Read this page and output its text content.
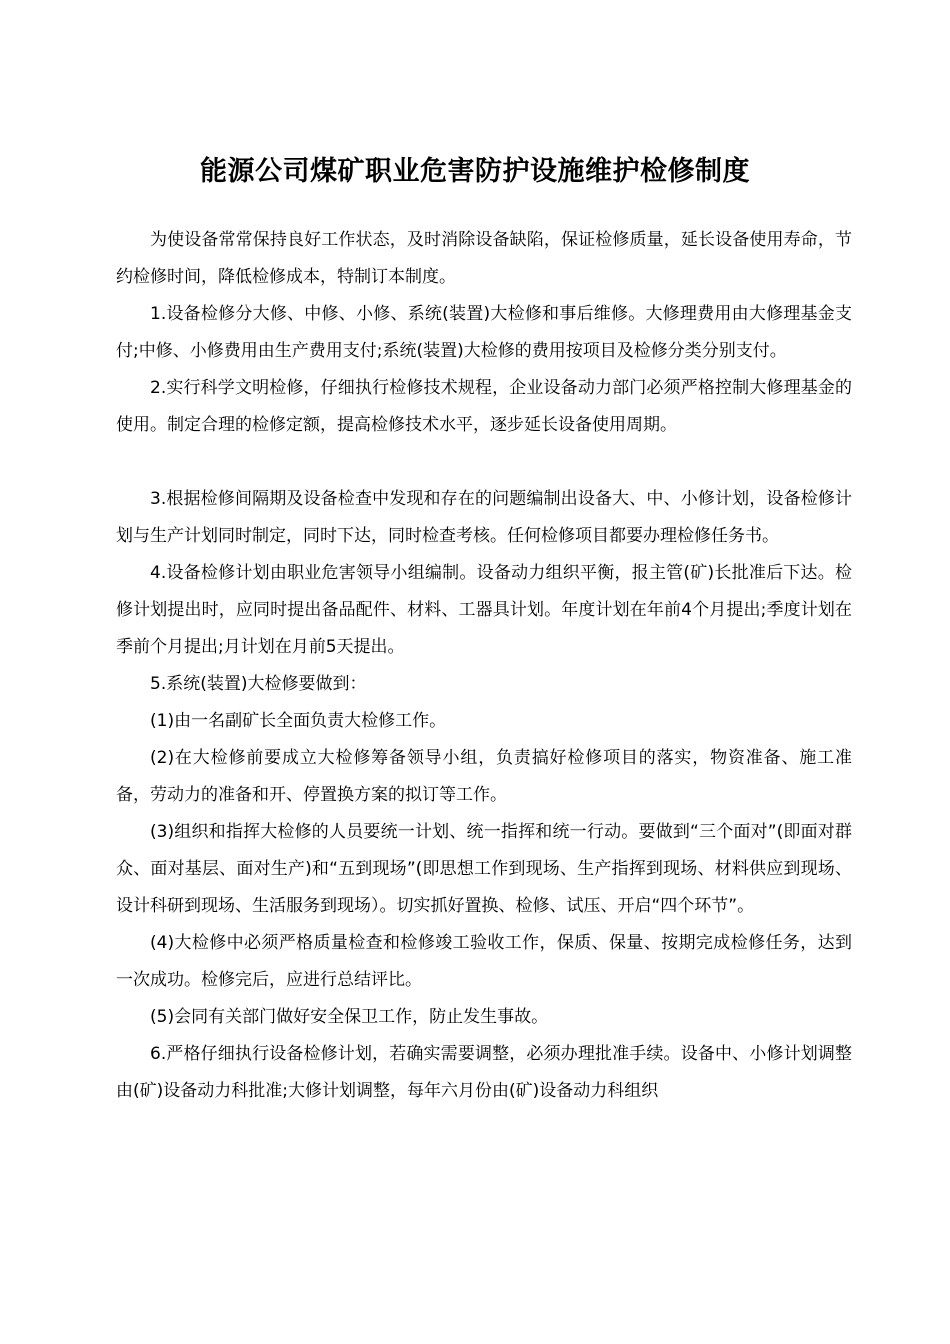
能源公司煤矿职业危害防护设施维护检修制度

为使设备常常保持良好工作状态，及时消除设备缺陷，保证检修质量，延长设备使用寿命，节约检修时间，降低检修成本，特制订本制度。

1.设备检修分大修、中修、小修、系统(装置)大检修和事后维修。大修理费用由大修理基金支付;中修、小修费用由生产费用支付;系统(装置)大检修的费用按项目及检修分类分别支付。

2.实行科学文明检修，仔细执行检修技术规程，企业设备动力部门必须严格控制大修理基金的使用。制定合理的检修定额，提高检修技术水平，逐步延长设备使用周期。

3.根据检修间隔期及设备检查中发现和存在的问题编制出设备大、中、小修计划，设备检修计划与生产计划同时制定，同时下达，同时检查考核。任何检修项目都要办理检修任务书。

4.设备检修计划由职业危害领导小组编制。设备动力组织平衡，报主管(矿)长批准后下达。检修计划提出时，应同时提出备品配件、材料、工器具计划。年度计划在年前4个月提出;季度计划在季前个月提出;月计划在月前5天提出。

5.系统(装置)大检修要做到：

(1)由一名副矿长全面负责大检修工作。

(2)在大检修前要成立大检修筹备领导小组，负责搞好检修项目的落实，物资准备、施工准备，劳动力的准备和开、停置换方案的拟订等工作。

(3)组织和指挥大检修的人员要统一计划、统一指挥和统一行动。要做到“三个面对”(即面对群众、面对基层、面对生产)和“五到现场”(即思想工作到现场、生产指挥到现场、材料供应到现场、设计科研到现场、生活服务到现场）。切实抓好置换、检修、试压、开启“四个环节”。

(4)大检修中必须严格质量检查和检修竣工验收工作，保质、保量、按期完成检修任务，达到一次成功。检修完后，应进行总结评比。

(5)会同有关部门做好安全保卫工作，防止发生事故。

6.严格仔细执行设备检修计划，若确实需要调整，必须办理批准手续。设备中、小修计划调整由(矿)设备动力科批准;大修计划调整，每年六月份由(矿)设备动力科组织
